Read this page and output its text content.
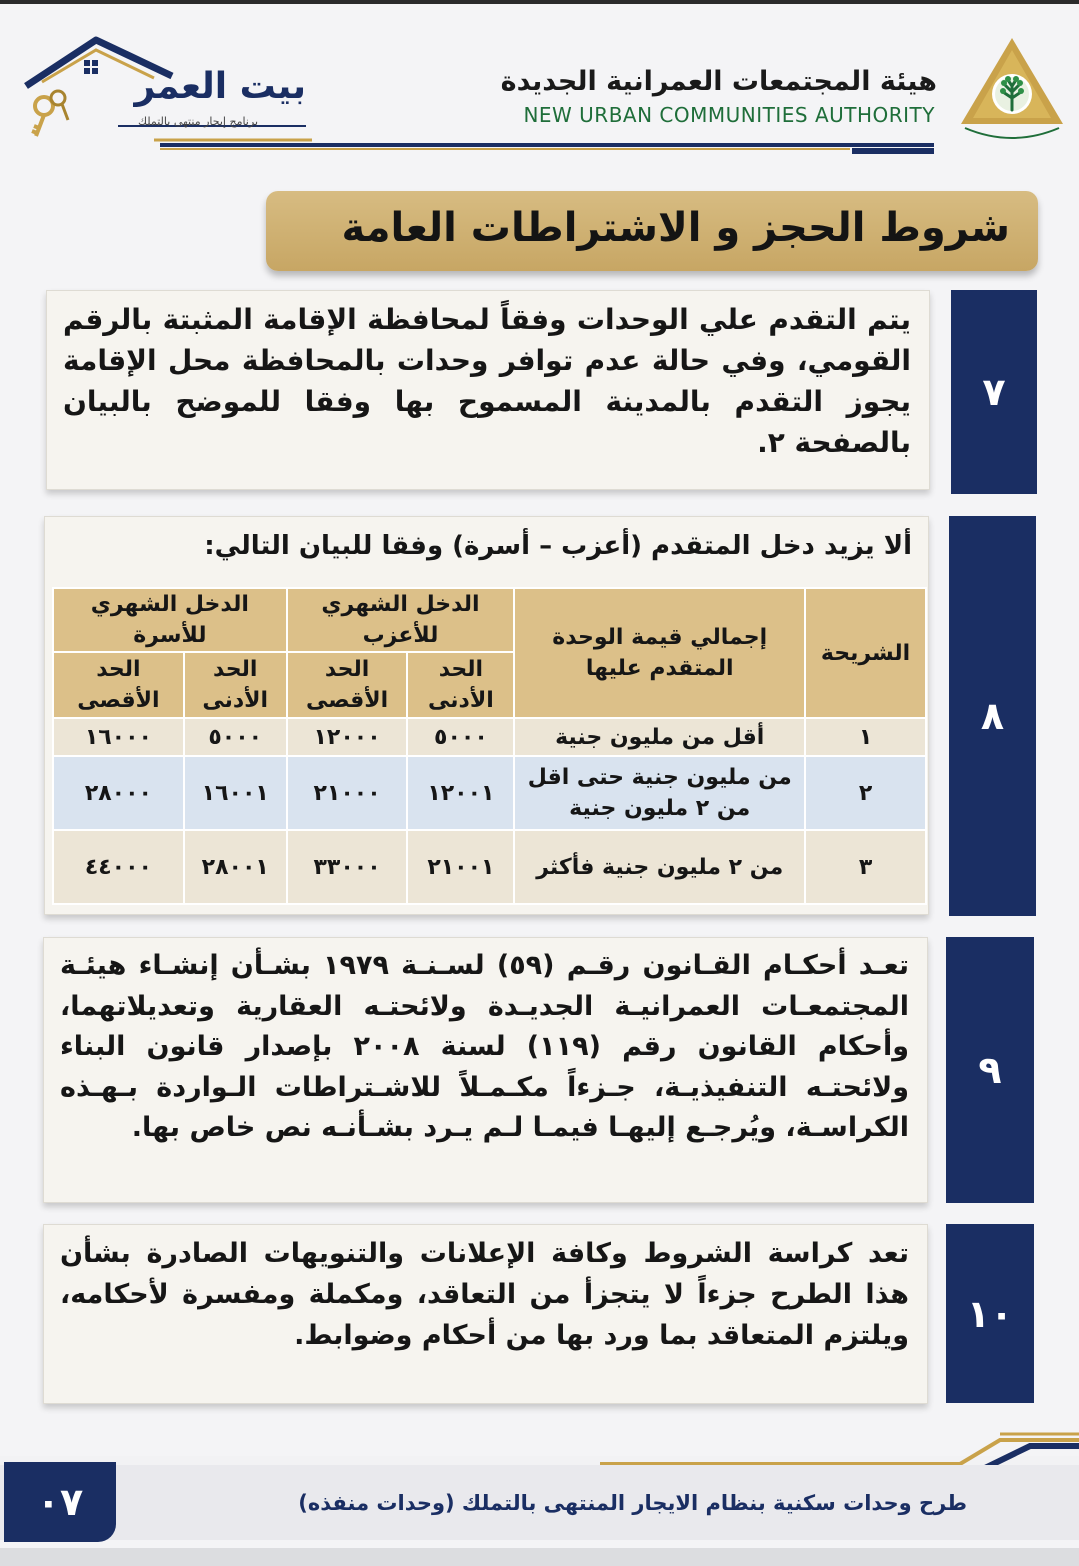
هيئة المجتمعات العمرانية الجديدة
NEW URBAN COMMUNITIES AUTHORITY
بيت العمر
برنامج إيجار منتهى بالتملك
شروط الحجز و الاشتراطات العامة
٧
يتم التقدم علي الوحدات وفقاً لمحافظة الإقامة المثبتة بالرقم القومي، وفي حالة عدم توافر وحدات بالمحافظة محل الإقامة يجوز التقدم بالمدينة المسموح بها وفقا للموضح بالبيان بالصفحة ٢.
٨
ألا يزيد دخل المتقدم (أعزب – أسرة) وفقا للبيان التالي:
الشريحة	إجمالي قيمة الوحدة المتقدم عليها	الدخل الشهري للأعزب		الدخل الشهري للأسرة	
		الحد الأدنى	الحد الأقصى	الحد الأدنى	الحد الأقصى
١	أقل من مليون جنية	٥٠٠٠	١٢٠٠٠	٥٠٠٠	١٦٠٠٠
٢	من مليون جنية حتى اقل من ٢ مليون جنية	١٢٠٠١	٢١٠٠٠	١٦٠٠١	٢٨٠٠٠
٣	من ٢ مليون جنية فأكثر	٢١٠٠١	٣٣٠٠٠	٢٨٠٠١	٤٤٠٠٠
٩
تعـد أحكـام القـانون رقـم (٥٩) لسـنـة ١٩٧٩ بشـأن إنشـاء هيئـة المجتمعـات العمرانيـة الجديـدة ولائحتـه العقارية وتعديلاتهما، وأحكام القانون رقم (١١٩) لسنة ٢٠٠٨ بإصدار قانون البناء ولائحتـه التنفيذيـة، جـزءاً مكـمـلاً للاشـتراطات الـواردة بـهـذه الكراسـة، ويُرجـع إليهـا فيمـا لـم يـرد بشـأنـه نص خاص بها.
١٠
تعد كراسة الشروط وكافة الإعلانات والتنويهات الصادرة بشأن هذا الطرح جزءاً لا يتجزأ من التعاقد، ومكملة ومفسرة لأحكامه، ويلتزم المتعاقد بما ورد بها من أحكام وضوابط.
٠٧	طرح وحدات سكنية بنظام الايجار المنتهى بالتملك (وحدات منفذه)
